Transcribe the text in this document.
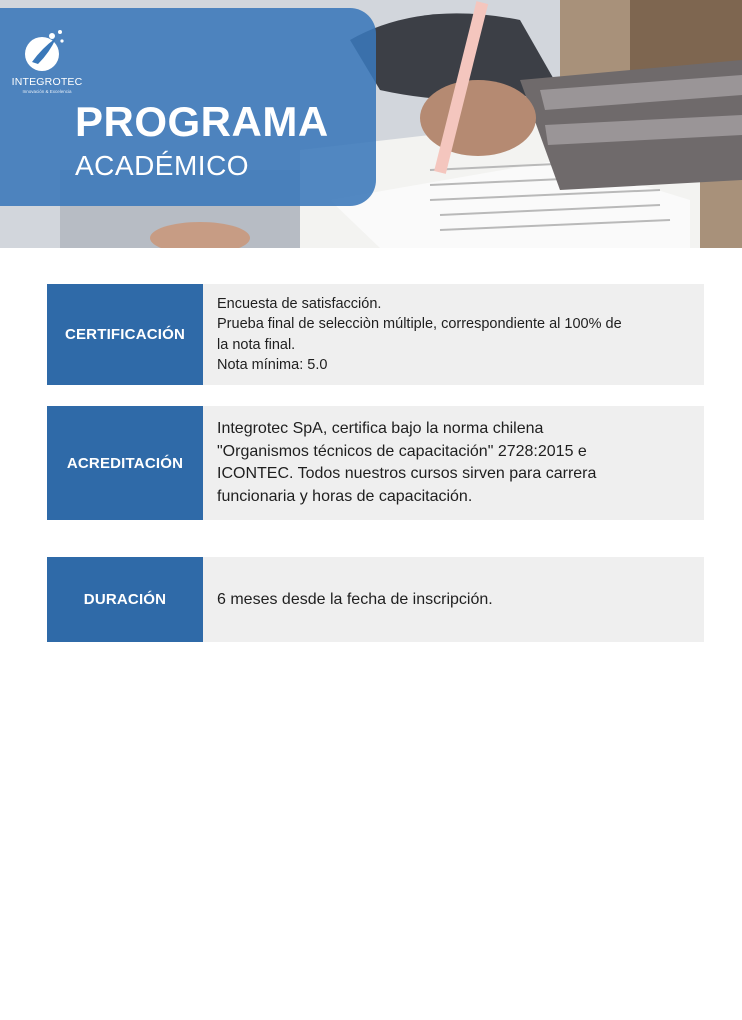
INTEGROTEC
Innovación & Excelencia
PROGRAMA
ACADÉMICO
CERTIFICACIÓN
Encuesta de satisfacción.
Prueba final de selecciòn múltiple, correspondiente al 100% de
la nota final.
Nota mínima: 5.0
ACREDITACIÓN
Integrotec SpA, certifica bajo la norma chilena
"Organismos técnicos de capacitación" 2728:2015 e
ICONTEC. Todos nuestros cursos sirven para carrera
funcionaria y horas de capacitación.
DURACIÓN	6 meses desde la fecha de inscripción.
